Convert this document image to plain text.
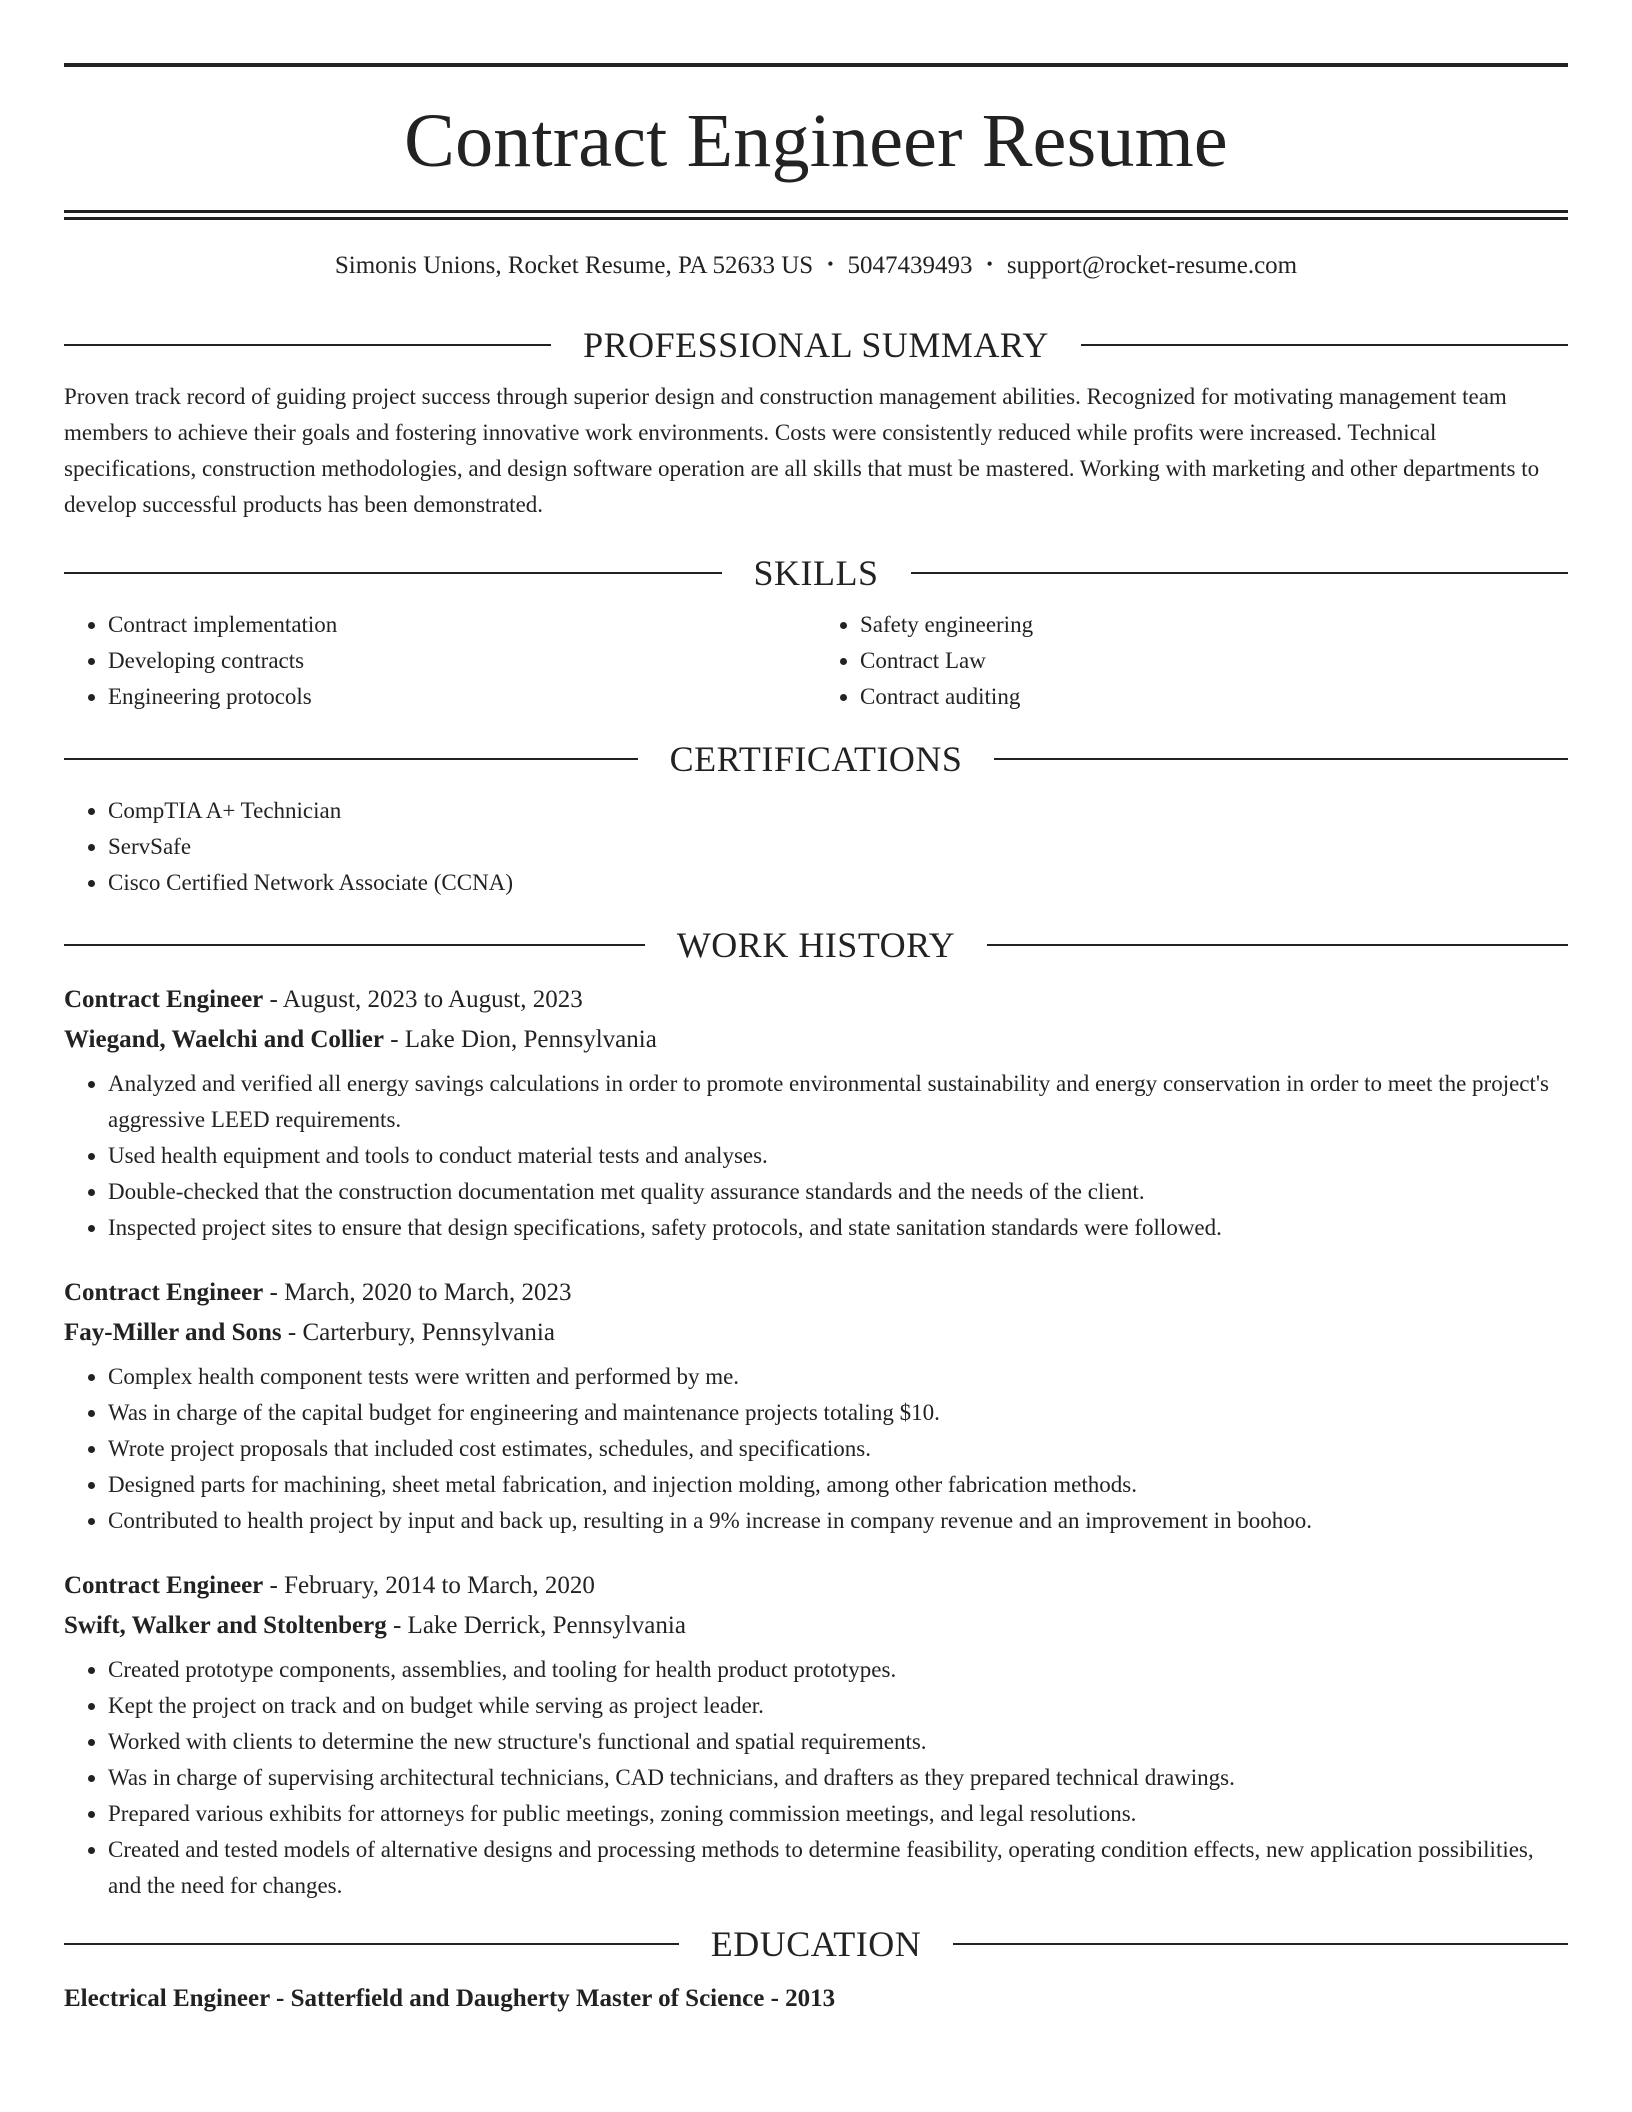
Contract Engineer Resume
Simonis Unions, Rocket Resume, PA 52633 US • 5047439493 • support@rocket-resume.com
PROFESSIONAL SUMMARY

Proven track record of guiding project success through superior design and construction management abilities. Recognized for motivating management team members to achieve their goals and fostering innovative work environments. Costs were consistently reduced while profits were increased. Technical specifications, construction methodologies, and design software operation are all skills that must be mastered. Working with marketing and other departments to develop successful products has been demonstrated.

SKILLS
• Contract implementation
• Developing contracts
• Engineering protocols
• Safety engineering
• Contract Law
• Contract auditing
CERTIFICATIONS
• CompTIA A+ Technician
• ServSafe
• Cisco Certified Network Associate (CCNA)
WORK HISTORY
Contract Engineer - August, 2023 to August, 2023
Wiegand, Waelchi and Collier - Lake Dion, Pennsylvania
• Analyzed and verified all energy savings calculations in order to promote environmental sustainability and energy conservation in order to meet the project's aggressive LEED requirements.
• Used health equipment and tools to conduct material tests and analyses.
• Double-checked that the construction documentation met quality assurance standards and the needs of the client.
• Inspected project sites to ensure that design specifications, safety protocols, and state sanitation standards were followed.
Contract Engineer - March, 2020 to March, 2023
Fay-Miller and Sons - Carterbury, Pennsylvania
• Complex health component tests were written and performed by me.
• Was in charge of the capital budget for engineering and maintenance projects totaling $10.
• Wrote project proposals that included cost estimates, schedules, and specifications.
• Designed parts for machining, sheet metal fabrication, and injection molding, among other fabrication methods.
• Contributed to health project by input and back up, resulting in a 9% increase in company revenue and an improvement in boohoo.
Contract Engineer - February, 2014 to March, 2020
Swift, Walker and Stoltenberg - Lake Derrick, Pennsylvania
• Created prototype components, assemblies, and tooling for health product prototypes.
• Kept the project on track and on budget while serving as project leader.
• Worked with clients to determine the new structure's functional and spatial requirements.
• Was in charge of supervising architectural technicians, CAD technicians, and drafters as they prepared technical drawings.
• Prepared various exhibits for attorneys for public meetings, zoning commission meetings, and legal resolutions.
• Created and tested models of alternative designs and processing methods to determine feasibility, operating condition effects, new application possibilities, and the need for changes.
EDUCATION
Electrical Engineer - Satterfield and Daugherty Master of Science - 2013
